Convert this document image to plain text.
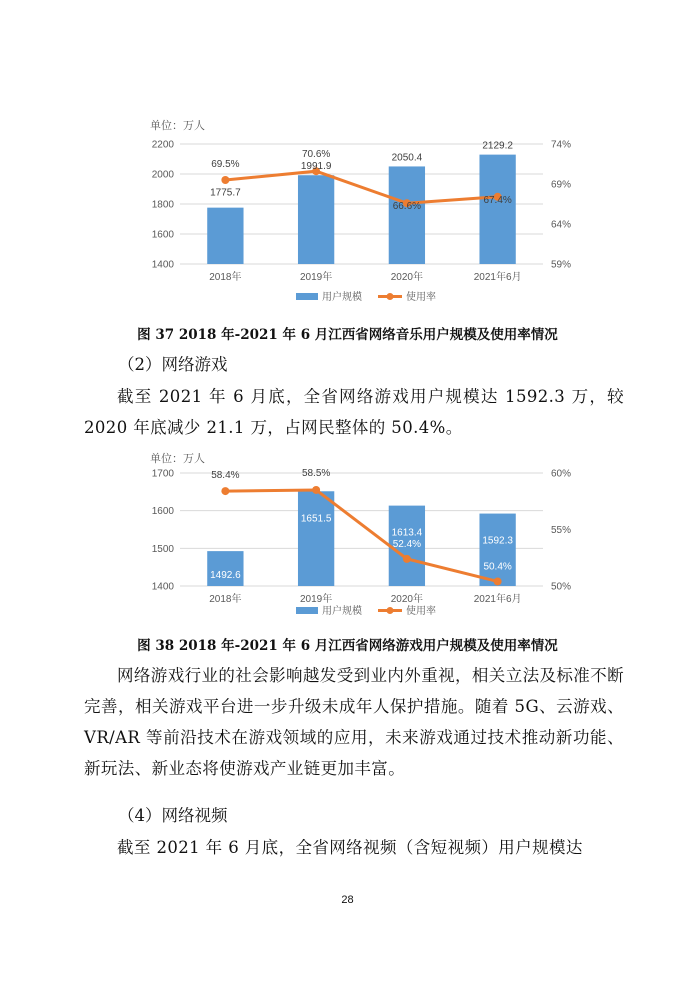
单位：万人
1400
1600
1800
2000
2200
59%
64%
69%
74%
2018年	2019年	2020年	2021年6月
1775.7
1991.9
2050.4
2129.2
69.5%
70.6%
66.6%
67.4%
用户规模	使用率
图 37 2018 年-2021 年 6 月江西省网络音乐用户规模及使用率情况
（2）网络游戏

截至 2021 年 6 月底，全省网络游戏用户规模达 1592.3 万，较 2020 年底减少 21.1 万，占网民整体的 50.4%。

单位：万人
1400
1500
1600
1700
50%
55%
60%
2018年	2019年	2020年	2021年6月
1492.6
1651.5
1613.4
1592.3
58.4%	58.5%
52.4%
50.4%
用户规模	使用率
图 38 2018 年-2021 年 6 月江西省网络游戏用户规模及使用率情况

网络游戏行业的社会影响越发受到业内外重视，相关立法及标准不断完善，相关游戏平台进一步升级未成年人保护措施。随着 5G、云游戏、VR/AR 等前沿技术在游戏领域的应用，未来游戏通过技术推动新功能、新玩法、新业态将使游戏产业链更加丰富。

（4）网络视频

截至 2021 年 6 月底，全省网络视频（含短视频）用户规模达

28
